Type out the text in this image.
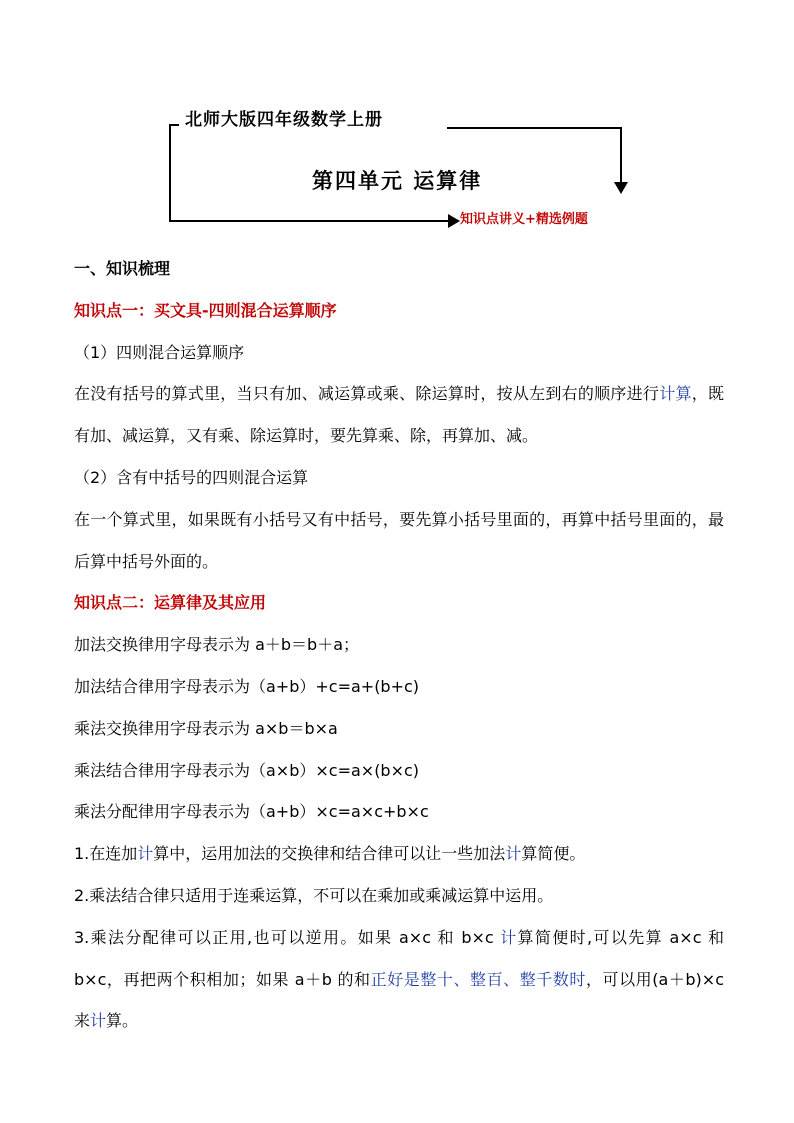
北师大版四年级数学上册
第四单元 运算律
知识点讲义+精选例题

一、知识梳理

知识点一：买文具-四则混合运算顺序

（1）四则混合运算顺序

在没有括号的算式里，当只有加、减运算或乘、除运算时，按从左到右的顺序进行计算，既有加、减运算，又有乘、除运算时，要先算乘、除，再算加、减。

（2）含有中括号的四则混合运算

在一个算式里，如果既有小括号又有中括号，要先算小括号里面的，再算中括号里面的，最后算中括号外面的。

知识点二：运算律及其应用

加法交换律用字母表示为 a＋b＝b＋a；

加法结合律用字母表示为（a+b）+c=a+(b+c)

乘法交换律用字母表示为 a×b＝b×a

乘法结合律用字母表示为（a×b）×c=a×(b×c)

乘法分配律用字母表示为（a+b）×c=a×c+b×c

1.在连加计算中，运用加法的交换律和结合律可以让一些加法计算简便。

2.乘法结合律只适用于连乘运算，不可以在乘加或乘减运算中运用。

3.乘法分配律可以正用,也可以逆用。如果 a×c 和 b×c 计算简便时,可以先算 a×c 和 b×c，再把两个积相加；如果 a＋b 的和正好是整十、整百、整千数时，可以用(a＋b)×c 来计算。
